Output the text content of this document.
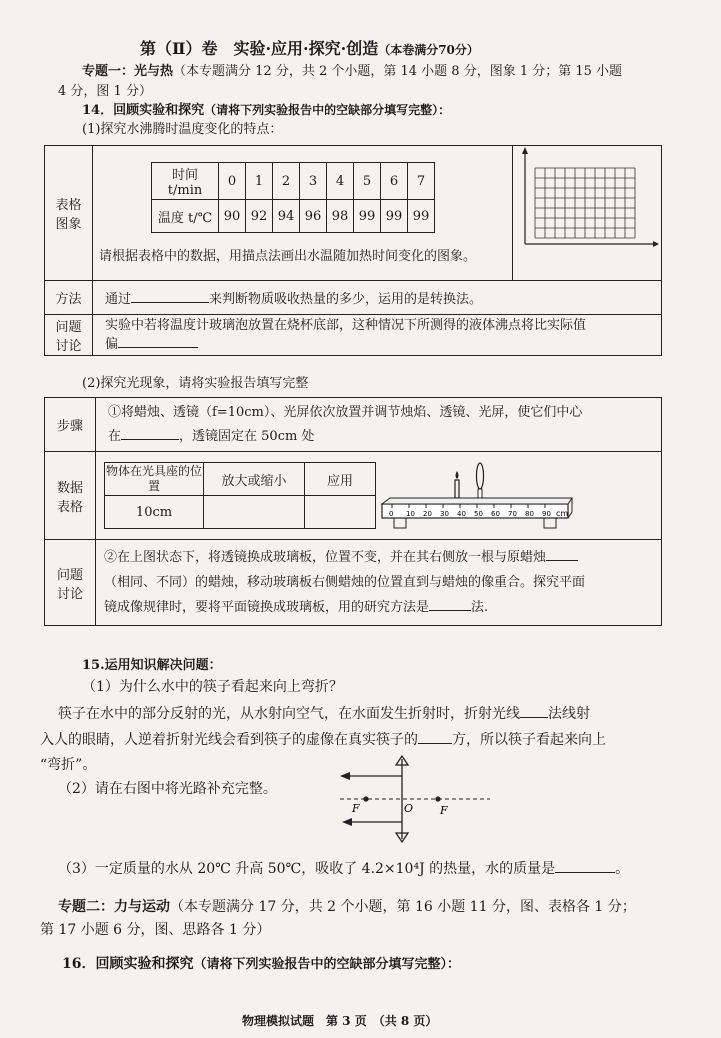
第（Ⅱ）卷　实验·应用·探究·创造（本卷满分70分）
专题一：光与热（本专题满分 12 分，共 2 个小题，第 14 小题 8 分，图象 1 分；第 15 小题
4 分，图 1 分）
14．回顾实验和探究（请将下列实验报告中的空缺部分填写完整）：
(1)探究水沸腾时温度变化的特点：
表格
图象

时间 t/min	0	1	2	3	4	5	6	7
温度 t/℃	90	92	94	96	98	99	99	99
请根据表格中的数据，用描点法画出水温随加热时间变化的图象。

方法	通过	来判断物质吸收热量的多少，运用的是转换法。

问题
讨论

实验中若将温度计玻璃泡放置在烧杯底部，这种情况下所测得的液体沸点将比实际值
偏
(2)探究光现象，请将实验报告填写完整
步骤	
①将蜡烛、透镜（f=10cm）、光屏依次放置并调节烛焰、透镜、光屏，使它们中心
在	，透镜固定在 50cm 处

数据
表格
	物体在光具座的位置	放大或缩小	应用
10cm			0 10 20 30 40 50 60 70 80 90 cm

问题
讨论

②在上图状态下，将透镜换成玻璃板，位置不变，并在其右侧放一根与原蜡烛
（相同、不同）的蜡烛，移动玻璃板右侧蜡烛的位置直到与蜡烛的像重合。探究平面
镜成像规律时，要将平面镜换成玻璃板，用的研究方法是	法.
15.运用知识解决问题：
（1）为什么水中的筷子看起来向上弯折？
筷子在水中的部分反射的光，从水射向空气，在水面发生折射时，折射光线 法线射
入人的眼睛，人逆着折射光线会看到筷子的虚像在真实筷子的 方，所以筷子看起来向上
“弯折”。
（2）请在右图中将光路补充完整。
F	O F
（3）一定质量的水从 20℃ 升高 50℃，吸收了 4.2×10⁴J 的热量，水的质量是	。
专题二：力与运动（本专题满分 17 分，共 2 个小题，第 16 小题 11 分，图、表格各 1 分；
第 17 小题 6 分，图、思路各 1 分）
16．回顾实验和探究（请将下列实验报告中的空缺部分填写完整）：
物理模拟试题　第 3 页　（共 8 页）
